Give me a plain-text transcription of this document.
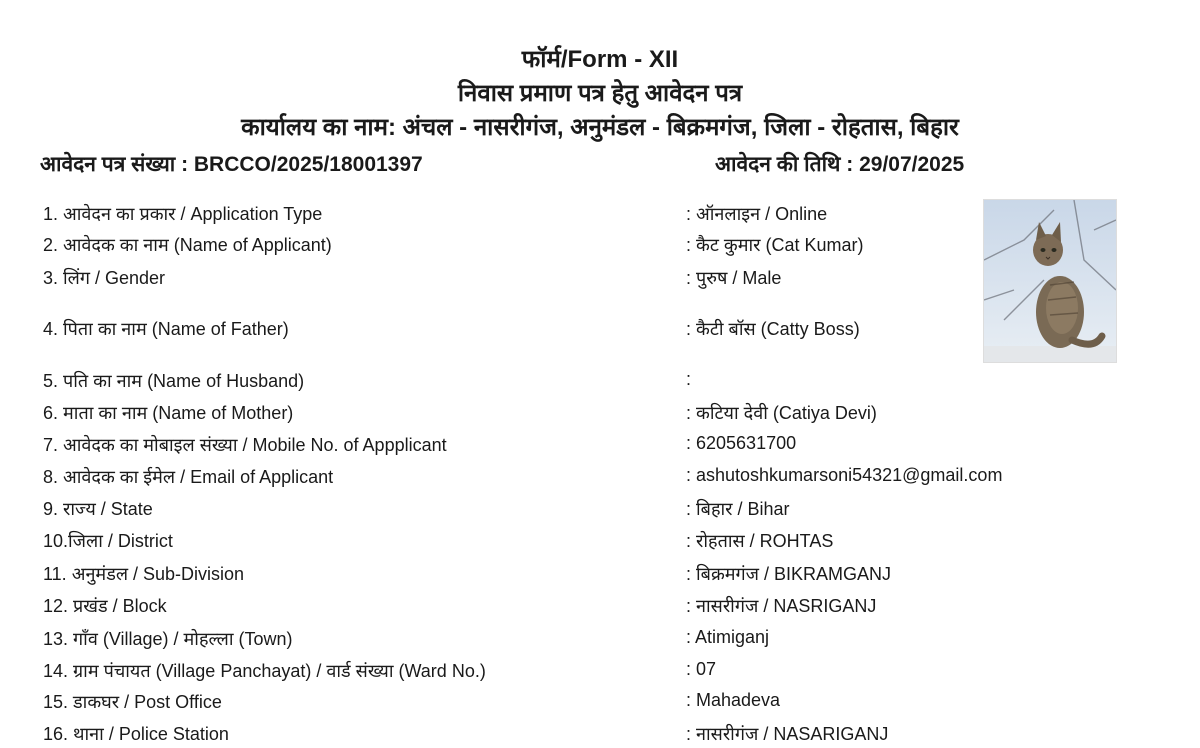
फॉर्म/Form - XII
निवास प्रमाण पत्र हेतु आवेदन पत्र
कार्यालय का नाम: अंचल - नासरीगंज, अनुमंडल - बिक्रमगंज, जिला - रोहतास, बिहार
आवेदन पत्र संख्या : BRCCO/2025/18001397	आवेदन की तिथि : 29/07/2025
1. आवेदन का प्रकार / Application Type	: ऑनलाइन / Online
2. आवेदक का नाम (Name of Applicant)	: कैट कुमार (Cat Kumar)
3. लिंग / Gender	: पुरुष / Male
4. पिता का नाम (Name of Father)	: कैटी बॉस (Catty Boss)
5. पति का नाम (Name of Husband)	:
6. माता का नाम (Name of Mother)	: कटिया देवी (Catiya Devi)
7. आवेदक का मोबाइल संख्या / Mobile No. of Appplicant	: 6205631700
8. आवेदक का ईमेल / Email of Applicant	: ashutoshkumarsoni54321@gmail.com
9. राज्य / State	: बिहार / Bihar
10.जिला / District	: रोहतास / ROHTAS
11. अनुमंडल / Sub-Division	: बिक्रमगंज / BIKRAMGANJ
12. प्रखंड / Block	: नासरीगंज / NASRIGANJ
13. गाँव (Village) / मोहल्ला (Town)	: Atimiganj
14. ग्राम पंचायत (Village Panchayat) / वार्ड संख्या (Ward No.)	: 07
15. डाकघर / Post Office	: Mahadeva
16. थाना / Police Station	: नासरीगंज / NASARIGANJ
